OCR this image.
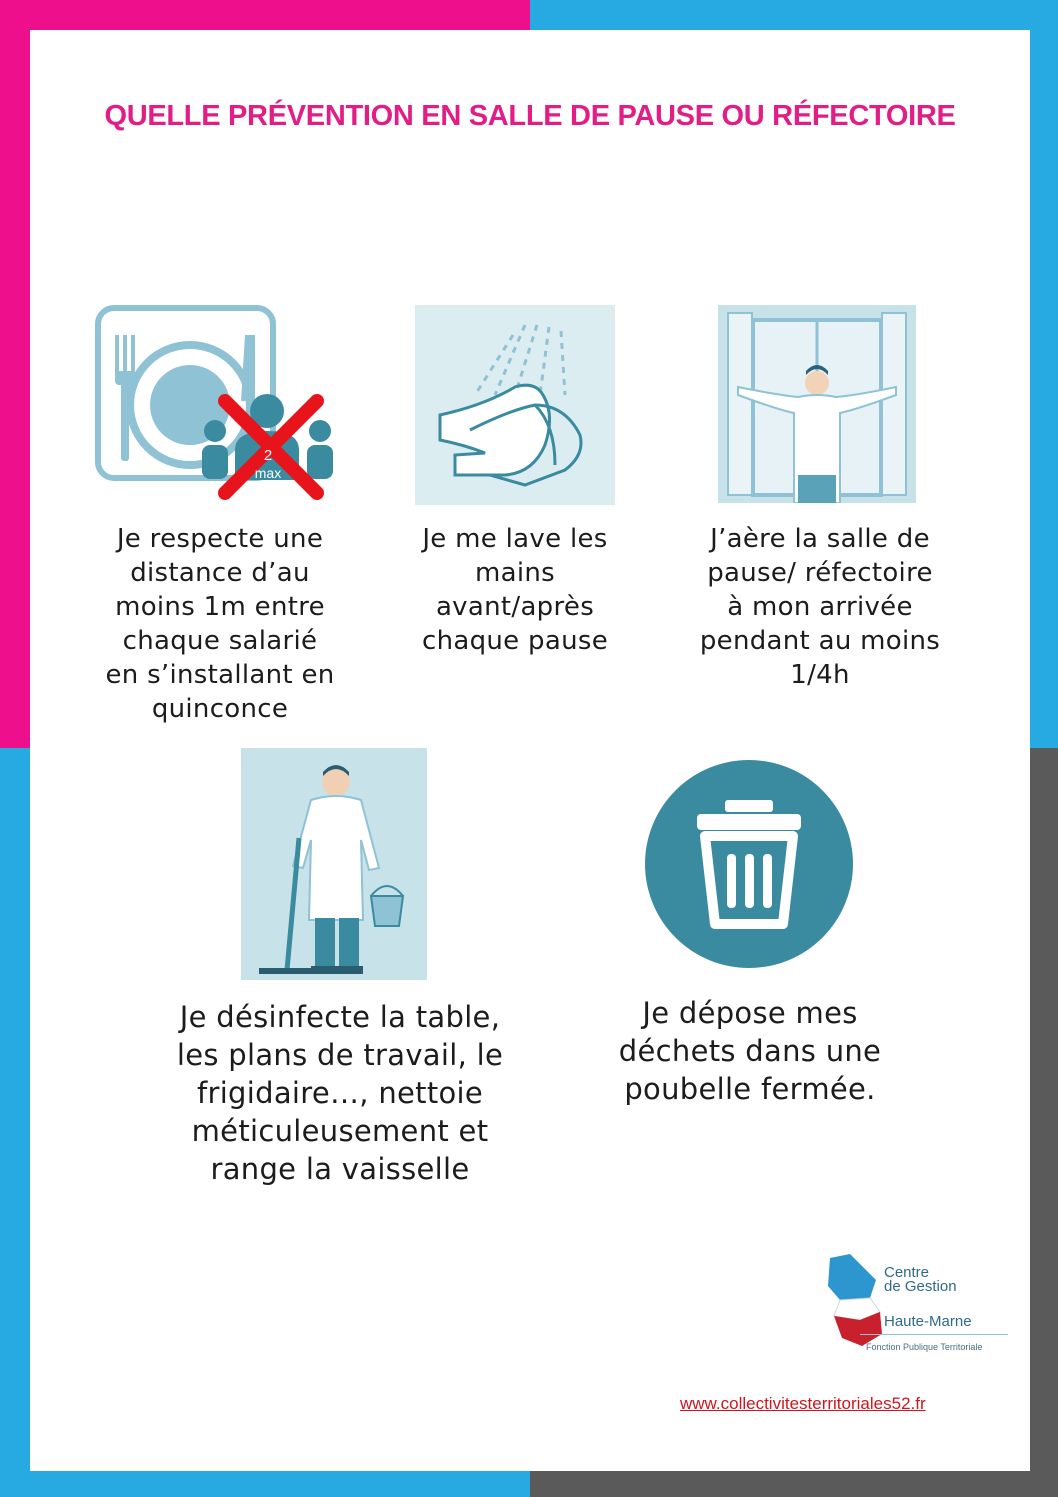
QUELLE PRÉVENTION EN SALLE DE PAUSE OU RÉFECTOIRE
2
max
Je respecte une
distance d’au
moins 1m entre
chaque salarié
en s’installant en
quinconce
Je me lave les
mains
avant/après
chaque pause
J’aère la salle de
pause/ réfectoire
à mon arrivée
pendant au moins
1/4h
Je désinfecte la table,
les plans de travail, le
frigidaire…, nettoie
méticuleusement et
range la vaisselle
Je dépose mes
déchets dans une
poubelle fermée.
Centre
de Gestion
Haute-Marne
Fonction Publique Territoriale
www.collectivitesterritoriales52.fr
